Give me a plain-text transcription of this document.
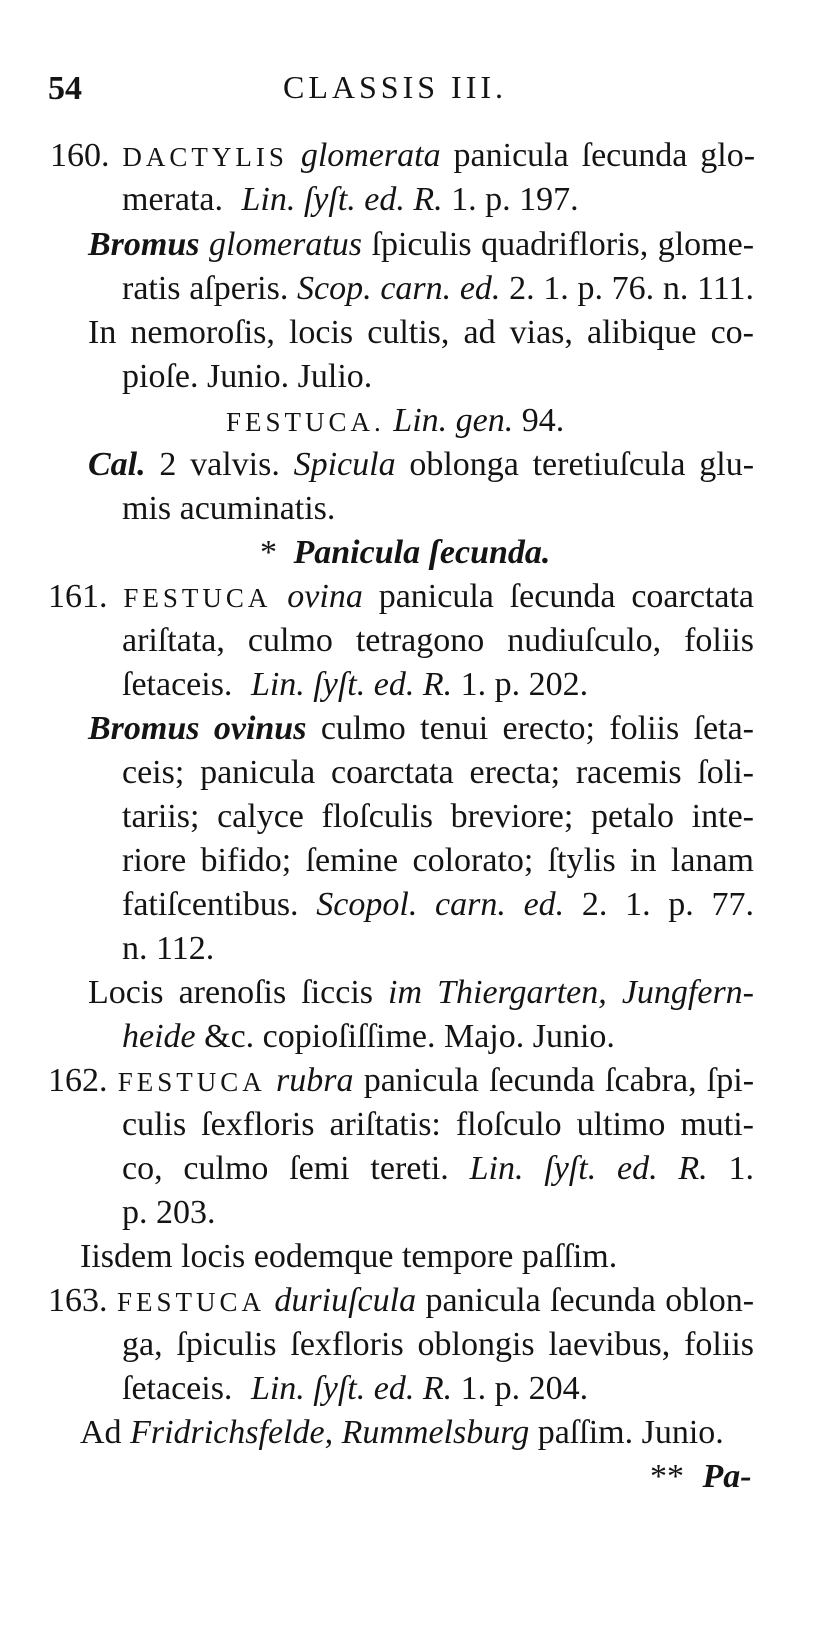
54	CLASSIS III.
160. DACTYLIS glomerata panicula ſecunda glo-
merata. Lin. ſyſt. ed. R. 1. p. 197.
Bromus glomeratus ſpiculis quadrifloris, glome-
ratis aſperis. Scop. carn. ed. 2. 1. p. 76. n. 111.
In nemoroſis, locis cultis, ad vias, alibique co-
pioſe. Junio. Julio.
FESTUCA. Lin. gen. 94.
Cal. 2 valvis. Spicula oblonga teretiuſcula glu-
mis acuminatis.
* Panicula ſecunda.
161. FESTUCA ovina panicula ſecunda coarctata
ariſtata, culmo tetragono nudiuſculo, foliis
ſetaceis. Lin. ſyſt. ed. R. 1. p. 202.
Bromus ovinus culmo tenui erecto; foliis ſeta-
ceis; panicula coarctata erecta; racemis ſoli-
tariis; calyce floſculis breviore; petalo inte-
riore bifido; ſemine colorato; ſtylis in lanam
fatiſcentibus. Scopol. carn. ed. 2. 1. p. 77.
n. 112.
Locis arenoſis ſiccis im Thiergarten, Jungfern-
heide &c. copioſiſſime. Majo. Junio.
162. FESTUCA rubra panicula ſecunda ſcabra, ſpi-
culis ſexfloris ariſtatis: floſculo ultimo muti-
co, culmo ſemi tereti. Lin. ſyſt. ed. R. 1.
p. 203.
Iisdem locis eodemque tempore paſſim.
163. FESTUCA duriuſcula panicula ſecunda oblon-
ga, ſpiculis ſexfloris oblongis laevibus, foliis
ſetaceis. Lin. ſyſt. ed. R. 1. p. 204.
Ad Fridrichsfelde, Rummelsburg paſſim. Junio.
** Pa-
